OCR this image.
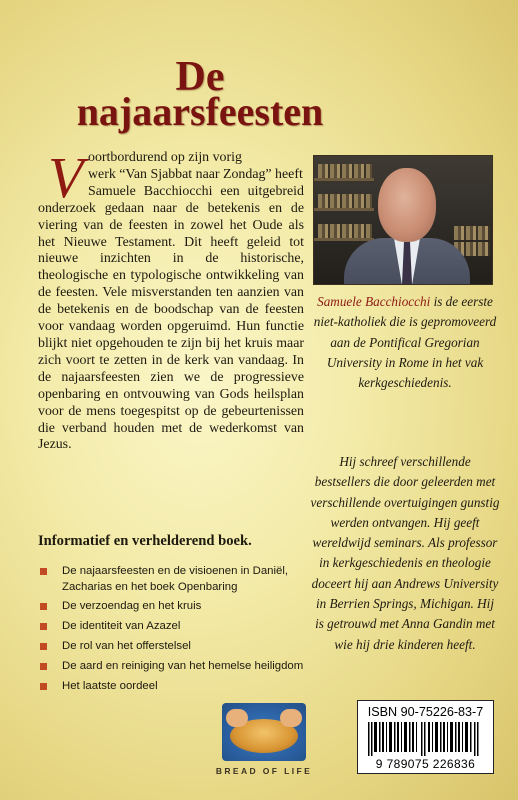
De
najaarsfeesten
V oortbordurend op zijn vorig
werk “Van Sjabbat naar Zondag” heeft

Samuele Bacchiocchi een uitgebreid onderzoek gedaan naar de betekenis en de viering van de feesten in zowel het Oude als het Nieuwe Testament. Dit heeft geleid tot nieuwe inzichten in de historische, theologische en typologische ontwikkeling van de feesten. Vele misverstanden ten aanzien van de betekenis en de boodschap van de feesten voor vandaag worden opgeruimd. Hun functie blijkt niet opgehouden te zijn bij het kruis maar zich voort te zetten in de kerk van vandaag. In de najaarsfeesten zien we de progressieve openbaring en ontvouwing van Gods heilsplan voor de mens toegespitst op de gebeurtenissen die verband houden met de wederkomst van Jezus.

Samuele Bacchiocchi is de eerste niet-katholiek die is gepromoveerd aan de Pontifical Gregorian University in Rome in het vak kerkgeschiedenis.
Hij schreef verschillende bestsellers die door geleerden met verschillende overtuigingen gunstig werden ontvangen. Hij geeft wereldwijd seminars. Als professor in kerkgeschiedenis en theologie doceert hij aan Andrews University in Berrien Springs, Michigan. Hij is getrouwd met Anna Gandin met wie hij drie kinderen heeft.
Informatief en verhelderend boek.
De najaarsfeesten en de visioenen in Daniël, Zacharias en het boek Openbaring
De verzoendag en het kruis
De identiteit van Azazel
De rol van het offerstelsel
De aard en reiniging van het hemelse heiligdom
Het laatste oordeel
BREAD OF LIFE
ISBN 90-75226-83-7
9 789075 226836
